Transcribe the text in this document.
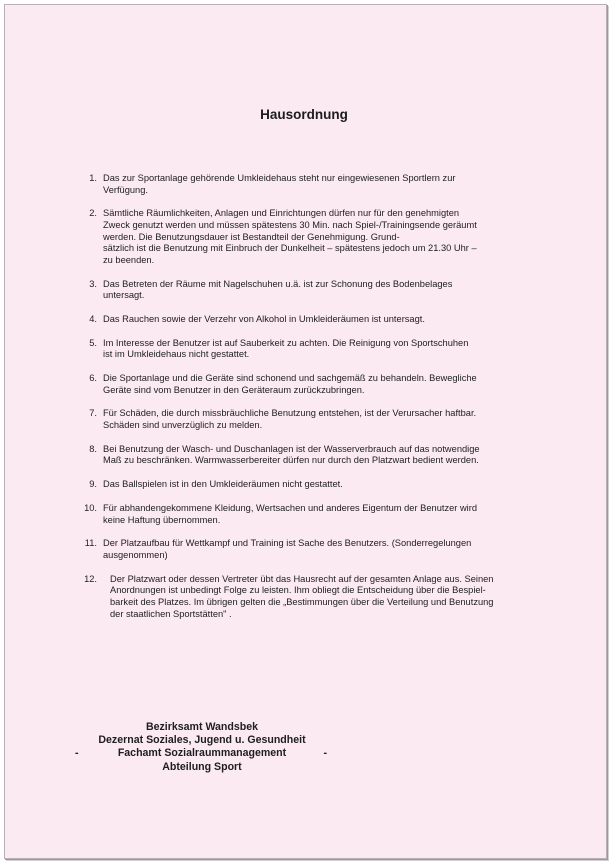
Hausordnung
1. Das zur Sportanlage gehörende Umkleidehaus steht nur eingewiesenen Sportlern zur
Verfügung.
2. Sämtliche Räumlichkeiten, Anlagen und Einrichtungen dürfen nur für den genehmigten
Zweck genutzt werden und müssen spätestens 30 Min. nach Spiel-/Trainingsende geräumt
werden. Die Benutzungsdauer ist Bestandteil der Genehmigung. Grund-
sätzlich ist die Benutzung mit Einbruch der Dunkelheit – spätestens jedoch um 21.30 Uhr –
zu beenden.
3. Das Betreten der Räume mit Nagelschuhen u.ä. ist zur Schonung des Bodenbelages
untersagt.
4. Das Rauchen sowie der Verzehr von Alkohol in Umkleideräumen ist untersagt.
5. Im Interesse der Benutzer ist auf Sauberkeit zu achten. Die Reinigung von Sportschuhen
ist im Umkleidehaus nicht gestattet.
6. Die Sportanlage und die Geräte sind schonend und sachgemäß zu behandeln. Bewegliche
Geräte sind vom Benutzer in den Geräteraum zurückzubringen.
7. Für Schäden, die durch missbräuchliche Benutzung entstehen, ist der Verursacher haftbar.
Schäden sind unverzüglich zu melden.
8. Bei Benutzung der Wasch- und Duschanlagen ist der Wasserverbrauch auf das notwendige
Maß zu beschränken. Warmwasserbereiter dürfen nur durch den Platzwart bedient werden.
9. Das Ballspielen ist in den Umkleideräumen nicht gestattet.
10. Für abhandengekommene Kleidung, Wertsachen und anderes Eigentum der Benutzer wird
keine Haftung übernommen.
11. Der Platzaufbau für Wettkampf und Training ist Sache des Benutzers. (Sonderregelungen
ausgenommen)
12. Der Platzwart oder dessen Vertreter übt das Hausrecht auf der gesamten Anlage aus. Seinen
Anordnungen ist unbedingt Folge zu leisten. Ihm obliegt die Entscheidung über die Bespiel-
barkeit des Platzes. Im übrigen gelten die „Bestimmungen über die Verteilung und Benutzung
der staatlichen Sportstätten" .
Bezirksamt Wandsbek
Dezernat Soziales, Jugend u. Gesundheit
-	Fachamt Sozialraummanagement	-
Abteilung Sport
